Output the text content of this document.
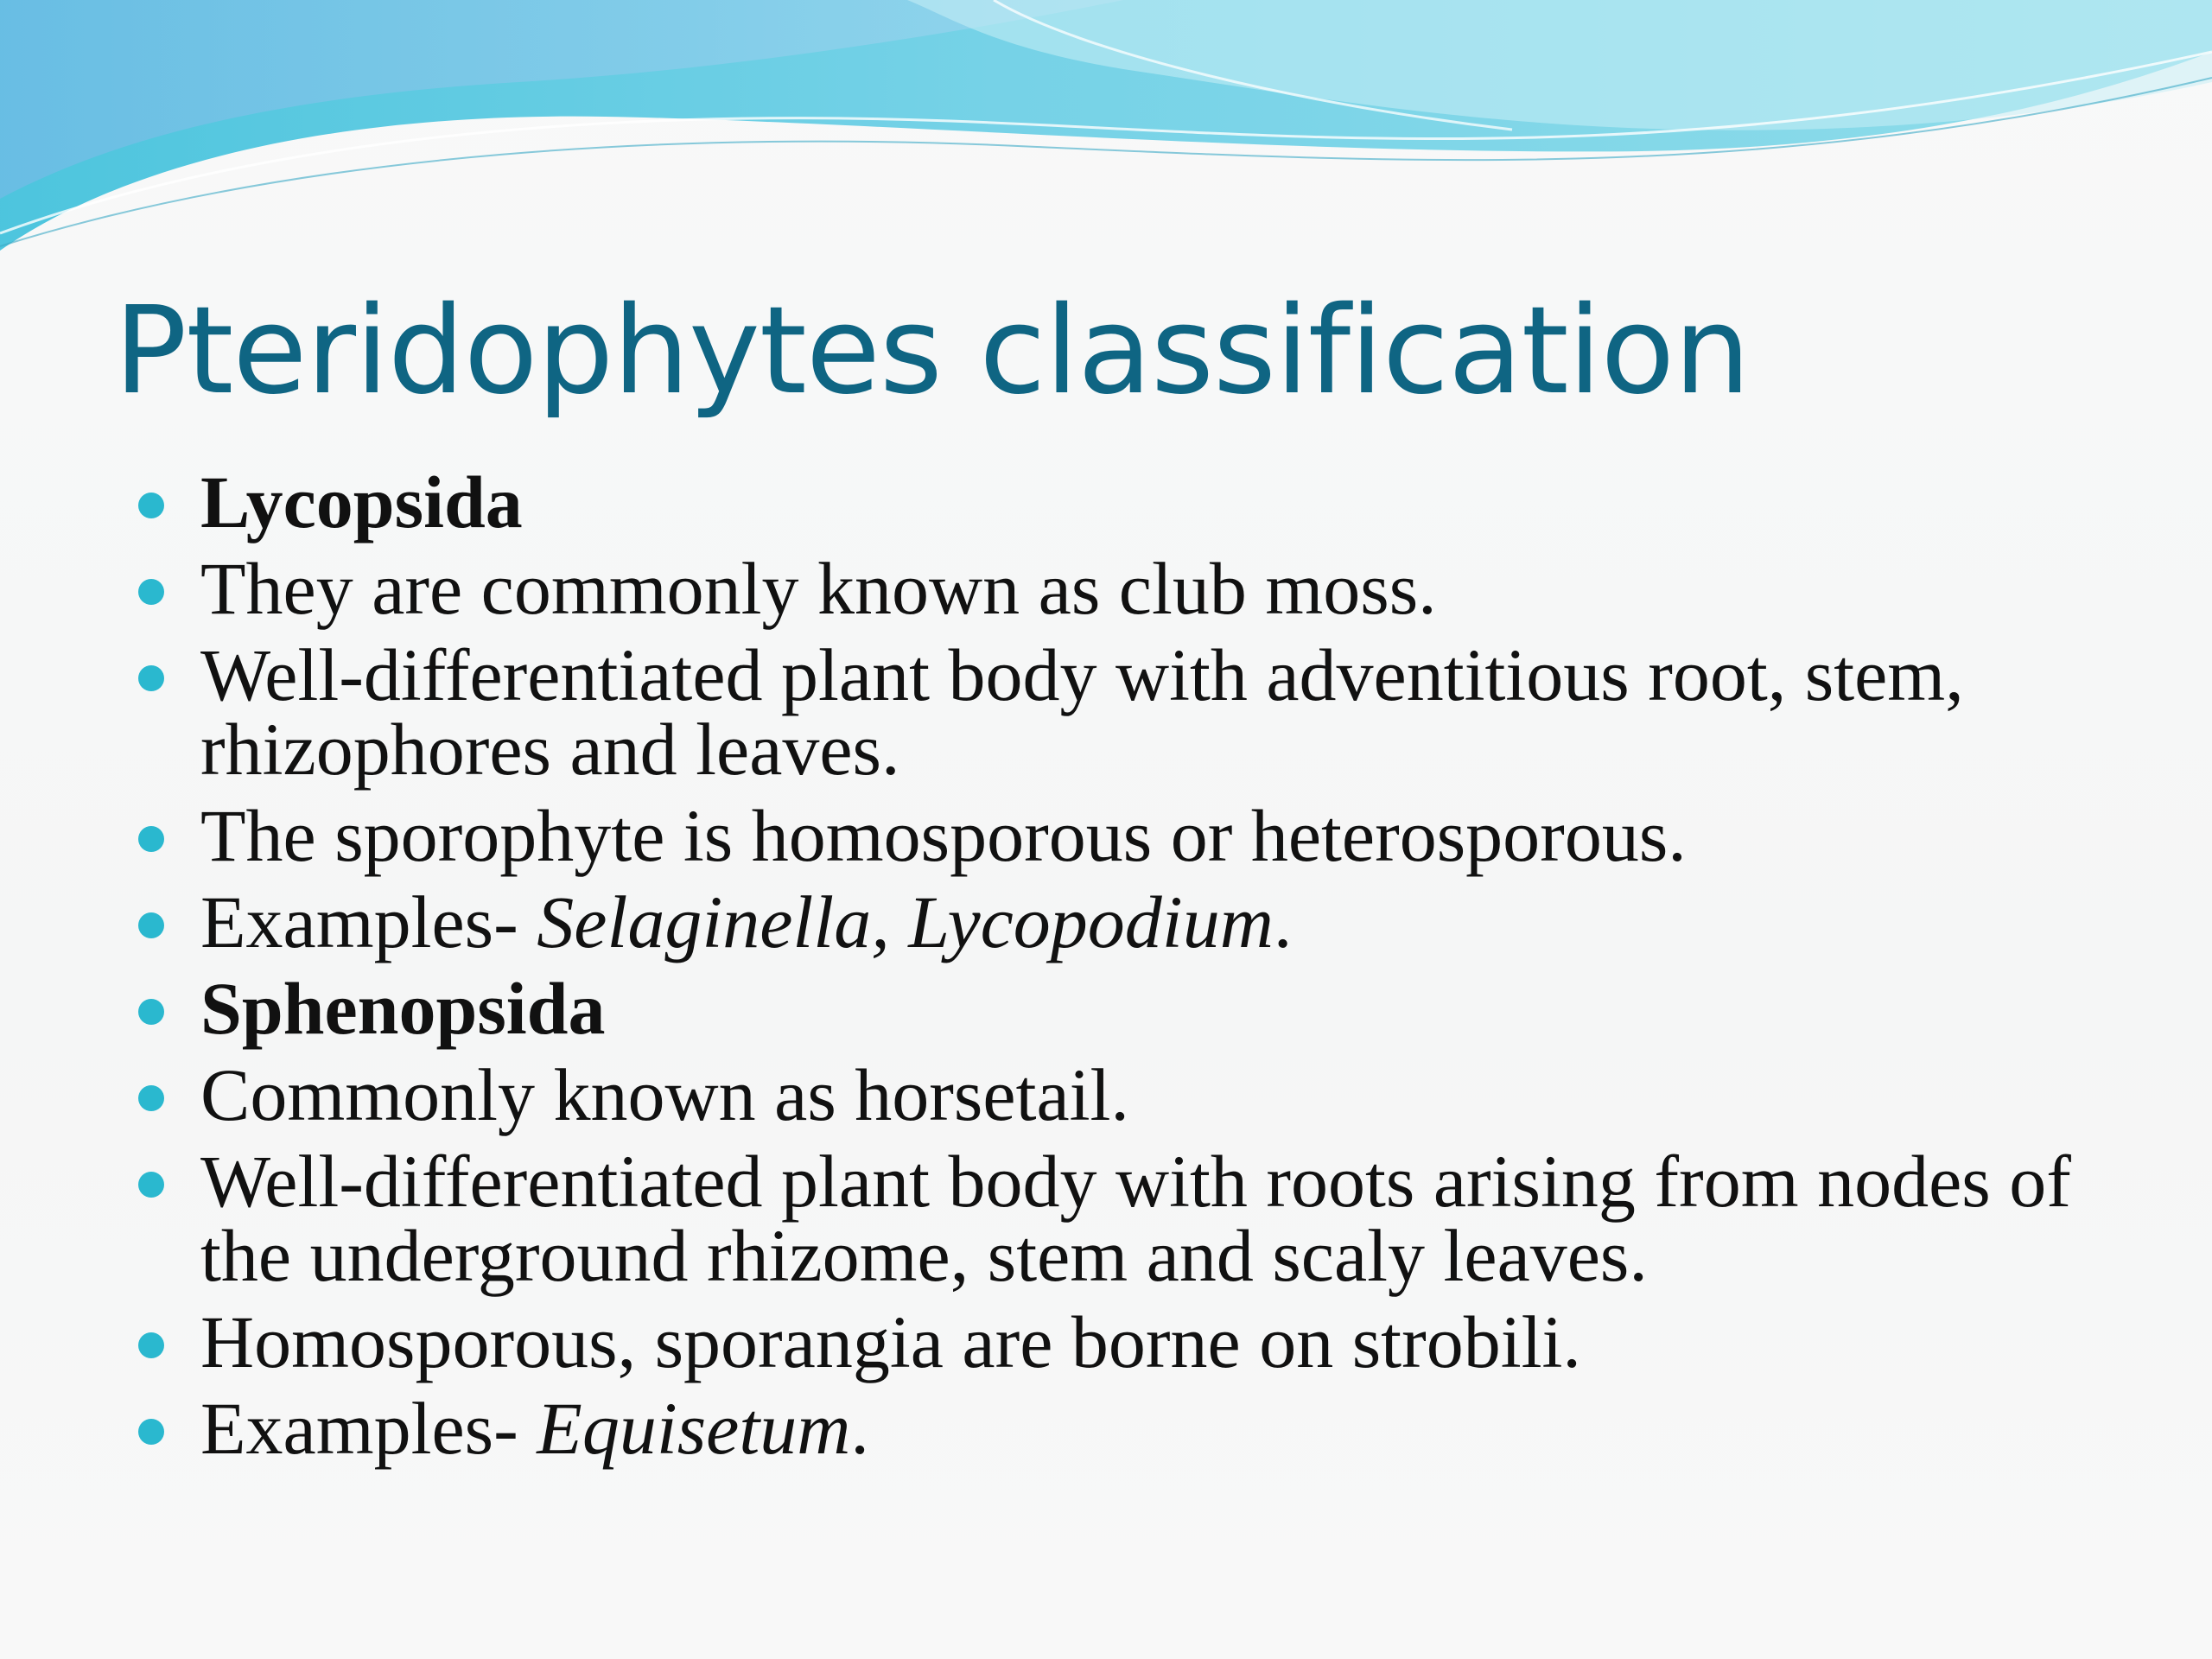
Pteridophytes classification
Lycopsida
They are commonly known as club moss.
Well-differentiated plant body with adventitious root, stem, rhizophores and leaves.
The sporophyte is homosporous or heterosporous.
Examples- Selaginella, Lycopodium.
Sphenopsida
Commonly known as horsetail.
Well-differentiated plant body with roots arising from nodes of the underground rhizome, stem and scaly leaves.
Homosporous, sporangia are borne on strobili.
Examples- Equisetum.
